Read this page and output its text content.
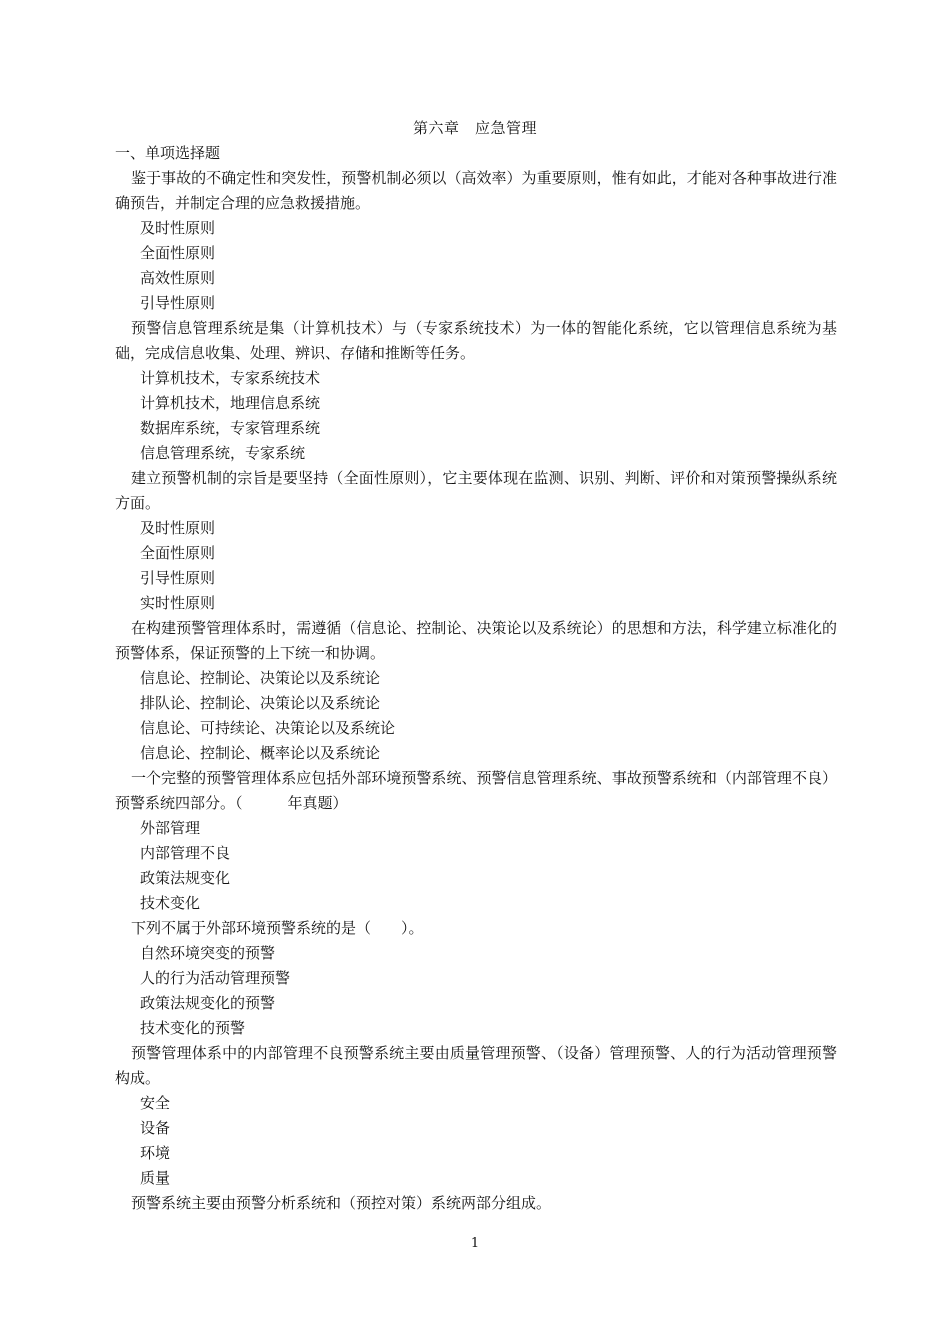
第六章　应急管理
一、单项选择题

鉴于事故的不确定性和突发性，预警机制必须以（高效率）为重要原则，惟有如此，才能对各种事故进行准确预告，并制定合理的应急救援措施。

及时性原则
全面性原则
高效性原则
引导性原则

预警信息管理系统是集（计算机技术）与（专家系统技术）为一体的智能化系统，它以管理信息系统为基础，完成信息收集、处理、辨识、存储和推断等任务。

计算机技术，专家系统技术
计算机技术，地理信息系统
数据库系统，专家管理系统
信息管理系统，专家系统

建立预警机制的宗旨是要坚持（全面性原则），它主要体现在监测、识别、判断、评价和对策预警操纵系统方面。

及时性原则
全面性原则
引导性原则
实时性原则

在构建预警管理体系时，需遵循（信息论、控制论、决策论以及系统论）的思想和方法，科学建立标准化的预警体系，保证预警的上下统一和协调。

信息论、控制论、决策论以及系统论
排队论、控制论、决策论以及系统论
信息论、可持续论、决策论以及系统论
信息论、控制论、概率论以及系统论

一个完整的预警管理体系应包括外部环境预警系统、预警信息管理系统、事故预警系统和（内部管理不良）预警系统四部分。（　　　年真题）

外部管理
内部管理不良
政策法规变化
技术变化

下列不属于外部环境预警系统的是（　　）。

自然环境突变的预警
人的行为活动管理预警
政策法规变化的预警
技术变化的预警

预警管理体系中的内部管理不良预警系统主要由质量管理预警、（设备）管理预警、人的行为活动管理预警构成。

安全
设备
环境
质量

预警系统主要由预警分析系统和（预控对策）系统两部分组成。

1
